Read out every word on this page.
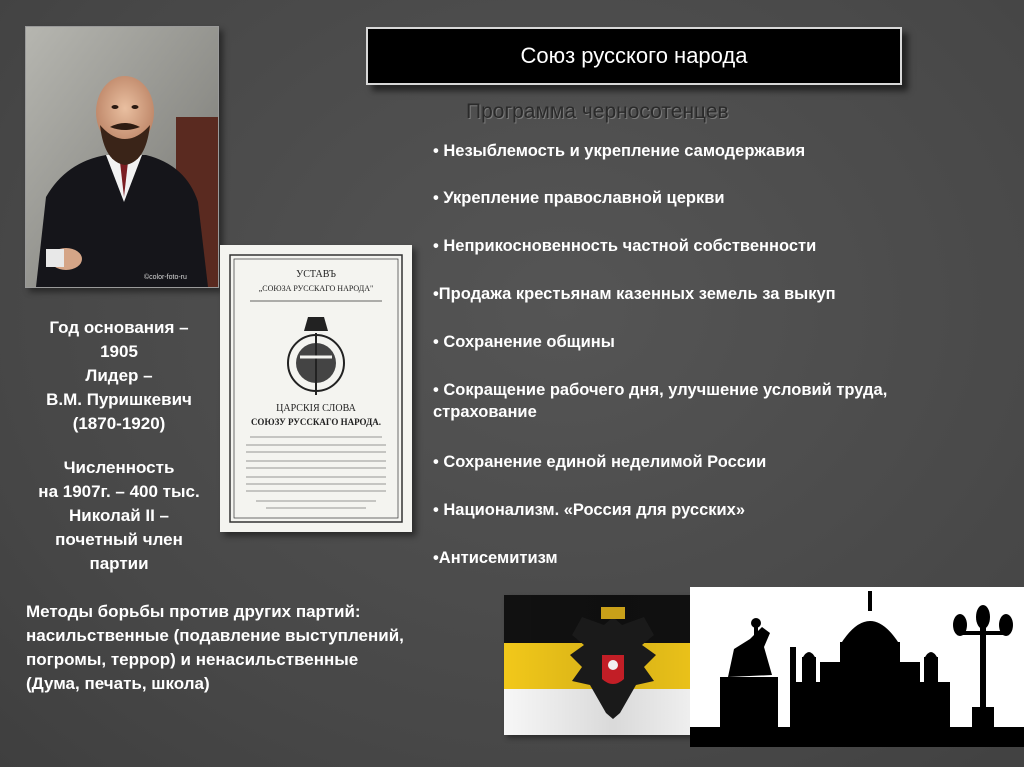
Союз русского народа
Программа черносотенцев
©color-foto-ru	УСТАВЪ
„СОЮЗА РУССКАГО НАРОДА"
ЦАРСКІЯ СЛОВА
СОЮЗУ РУССКАГО НАРОДА.
Год основания –
1905
Лидер –
В.М. Пуришкевич
(1870-1920)
Численность
на 1907г. – 400 тыс.
Николай II –
почетный член
партии
• Незыблемость и укрепление самодержавия
• Укрепление православной церкви
• Неприкосновенность частной собственности
•Продажа крестьянам казенных земель за выкуп
• Сохранение общины
• Сокращение рабочего дня, улучшение условий труда, страхование
• Сохранение единой неделимой России
• Национализм. «Россия для русских»
•Антисемитизм
Методы борьбы против других партий:
насильственные (подавление выступлений,
погромы, террор) и ненасильственные
(Дума, печать, школа)
